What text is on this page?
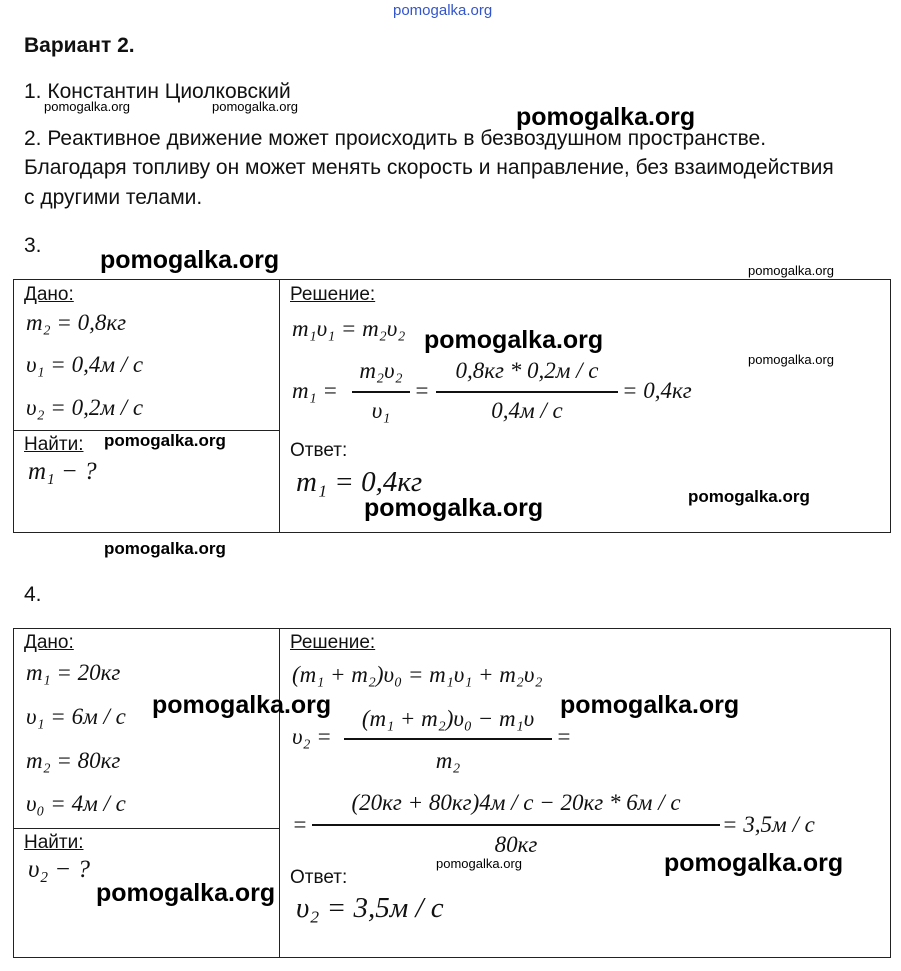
pomogalka.org
Вариант 2.
1. Константин Циолковский
pomogalka.org	pomogalka.org	pomogalka.org
2. Реактивное движение может происходить в безвоздушном пространстве.
Благодаря топливу он может менять скорость и направление, без взаимодействия
с другими телами.
3.
pomogalka.org	pomogalka.org
Дано:
m₂ = 0,8кг
υ₁ = 0,4м / с
υ₂ = 0,2м / с
Найти: pomogalka.org
m₁ − ?
Решение:
m₁υ₁ = m₂υ₂ pomogalka.org
pomogalka.org
m₁ =
m₂υ₂
υ₁
=
0,8кг * 0,2м / с
0,4м / с
= 0,4кг
Ответ:
m₁ = 0,4кг
pomogalka.org	pomogalka.org
pomogalka.org
4.
Дано:
m₁ = 20кг
υ₁ = 6м / с
m₂ = 80кг
υ₀ = 4м / с
Найти:
υ₂ − ?
pomogalka.org
Решение:
(m₁ + m₂)υ₀ = m₁υ₁ + m₂υ₂
pomogalka.org	pomogalka.org
υ₂ =
(m₁ + m₂)υ₀ − m₁υ
m₂
=
=
(20кг + 80кг)4м / с − 20кг * 6м / с
80кг
= 3,5м / с
pomogalka.org	pomogalka.org
Ответ:
υ₂ = 3,5м / с
